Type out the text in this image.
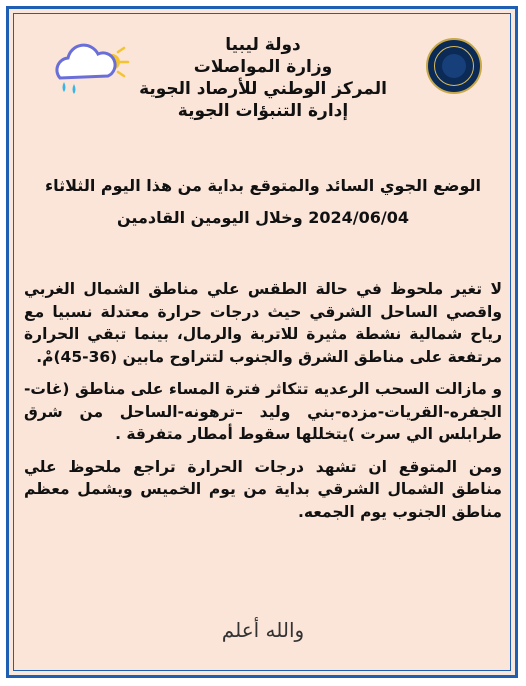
دولة ليبيا
وزارة المواصلات
المركز الوطني للأرصاد الجوية
إدارة التنبؤات الجوية
الوضع الجوي السائد والمتوقع بداية من هذا اليوم الثلاثاء
2024/06/04 وخلال اليومين القادمين

لا تغير ملحوظ في حالة الطقس علي مناطق الشمال الغربي واقصي الساحل الشرقي حيث درجات حرارة معتدلة نسبيا مع رياح شمالية نشطة مثيرة للاتربة والرمال، بينما تبقي الحرارة مرتفعة على مناطق الشرق والجنوب لتتراوح مابين (36-45)مْ.

و مازالت السحب الرعديه تتكاثر فترة المساء على مناطق (غات-الجفره-القريات-مزده-بني وليد –ترهونه-الساحل من شرق طرابلس الي سرت )يتخللها سقوط أمطار متفرقة .

ومن المتوقع ان تشهد درجات الحرارة تراجع ملحوظ علي مناطق الشمال الشرقي بداية من يوم الخميس ويشمل معظم مناطق الجنوب يوم الجمعه.

والله أعلم
